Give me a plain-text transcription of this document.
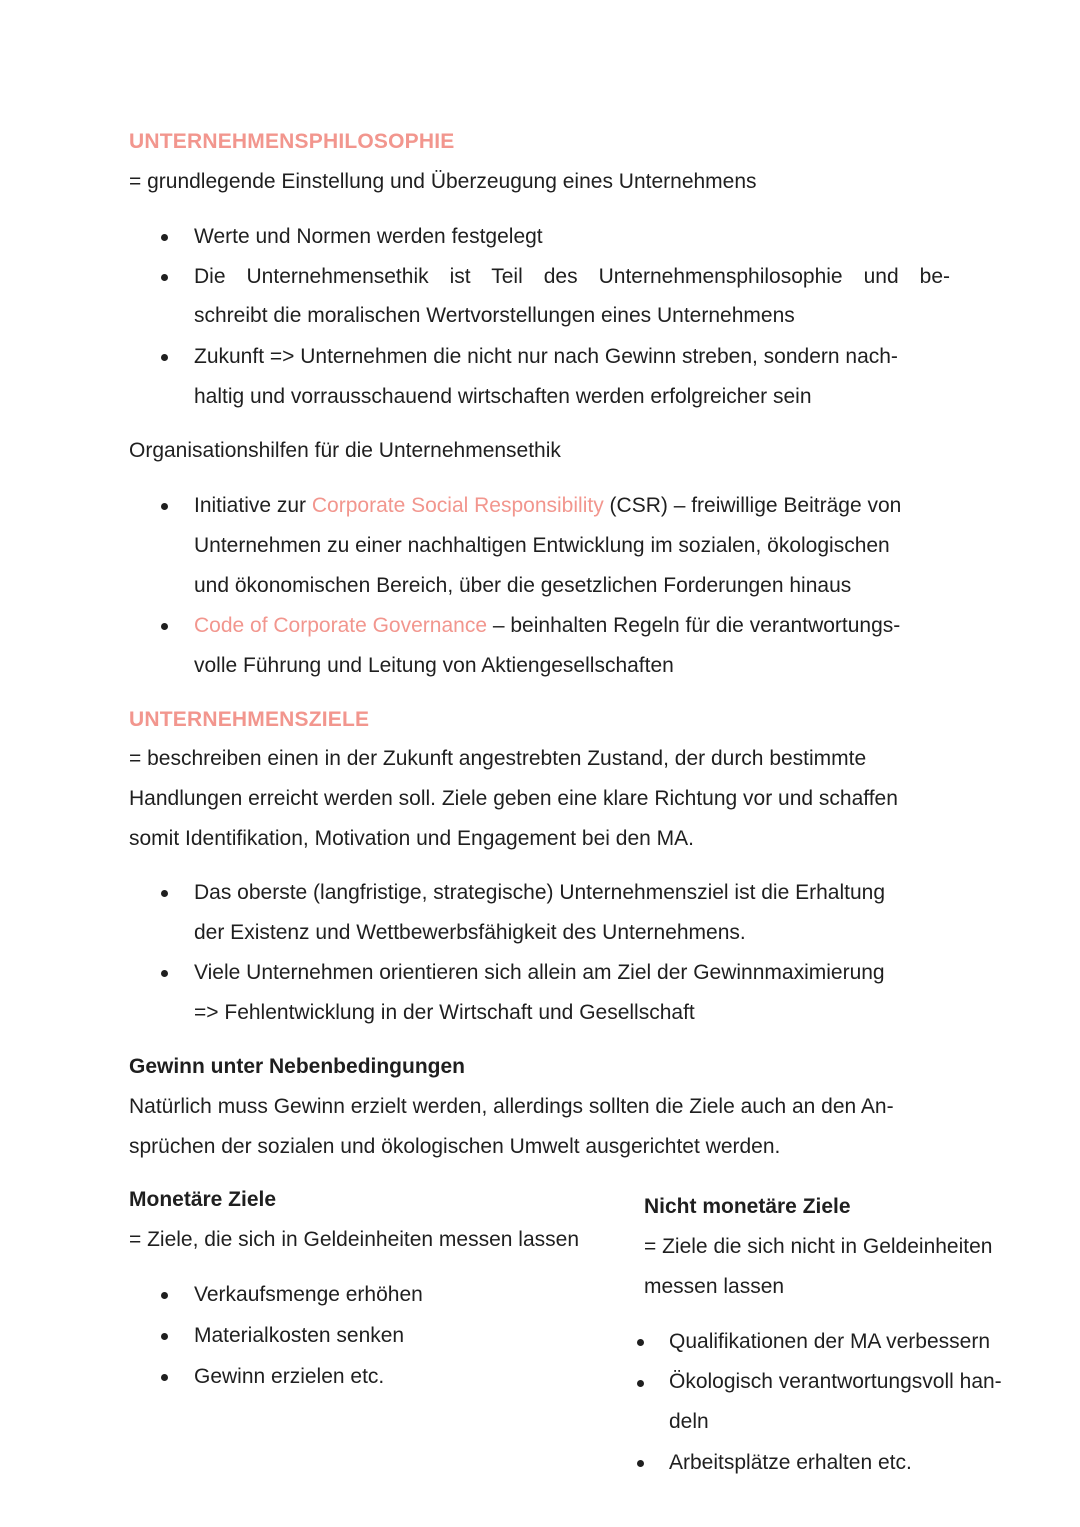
UNTERNEHMENSPHILOSOPHIE
= grundlegende Einstellung und Überzeugung eines Unternehmens
Werte und Normen werden festgelegt
Die Unternehmensethik ist Teil des Unternehmensphilosophie und be-
schreibt die moralischen Wertvorstellungen eines Unternehmens
Zukunft => Unternehmen die nicht nur nach Gewinn streben, sondern nach-
haltig und vorrausschauend wirtschaften werden erfolgreicher sein
Organisationshilfen für die Unternehmensethik
Initiative zur Corporate Social Responsibility (CSR) – freiwillige Beiträge von
Unternehmen zu einer nachhaltigen Entwicklung im sozialen, ökologischen
und ökonomischen Bereich, über die gesetzlichen Forderungen hinaus
Code of Corporate Governance – beinhalten Regeln für die verantwortungs-
volle Führung und Leitung von Aktiengesellschaften
UNTERNEHMENSZIELE
= beschreiben einen in der Zukunft angestrebten Zustand, der durch bestimmte
Handlungen erreicht werden soll. Ziele geben eine klare Richtung vor und schaffen
somit Identifikation, Motivation und Engagement bei den MA.
Das oberste (langfristige, strategische) Unternehmensziel ist die Erhaltung
der Existenz und Wettbewerbsfähigkeit des Unternehmens.
Viele Unternehmen orientieren sich allein am Ziel der Gewinnmaximierung
=> Fehlentwicklung in der Wirtschaft und Gesellschaft
Gewinn unter Nebenbedingungen
Natürlich muss Gewinn erzielt werden, allerdings sollten die Ziele auch an den An-
sprüchen der sozialen und ökologischen Umwelt ausgerichtet werden.
Monetäre Ziele
= Ziele, die sich in Geldeinheiten messen lassen
Verkaufsmenge erhöhen
Materialkosten senken
Gewinn erzielen etc.
Nicht monetäre Ziele
= Ziele die sich nicht in Geldeinheiten
messen lassen
Qualifikationen der MA verbessern
Ökologisch verantwortungsvoll han-
deln
Arbeitsplätze erhalten etc.
